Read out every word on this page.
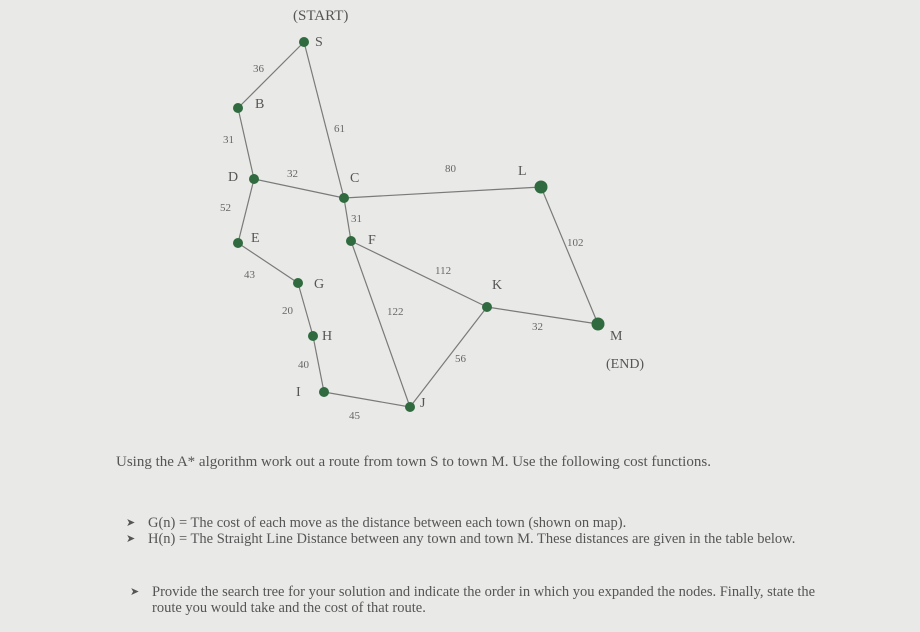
36
61
31
32
52
80
31
43	112
122
20
40
45
56
32
102
S
B
D	C
E	F
G
H
I
J
K
L
M
(START)
(END)
Using the A* algorithm work out a route from town S to town M. Use the following cost functions.
➤ G(n) = The cost of each move as the distance between each town (shown on map).
➤ H(n) = The Straight Line Distance between any town and town M. These distances are given in the table below.
➤ Provide the search tree for your solution and indicate the order in which you expanded the nodes. Finally, state the route you would take and the cost of that route.
